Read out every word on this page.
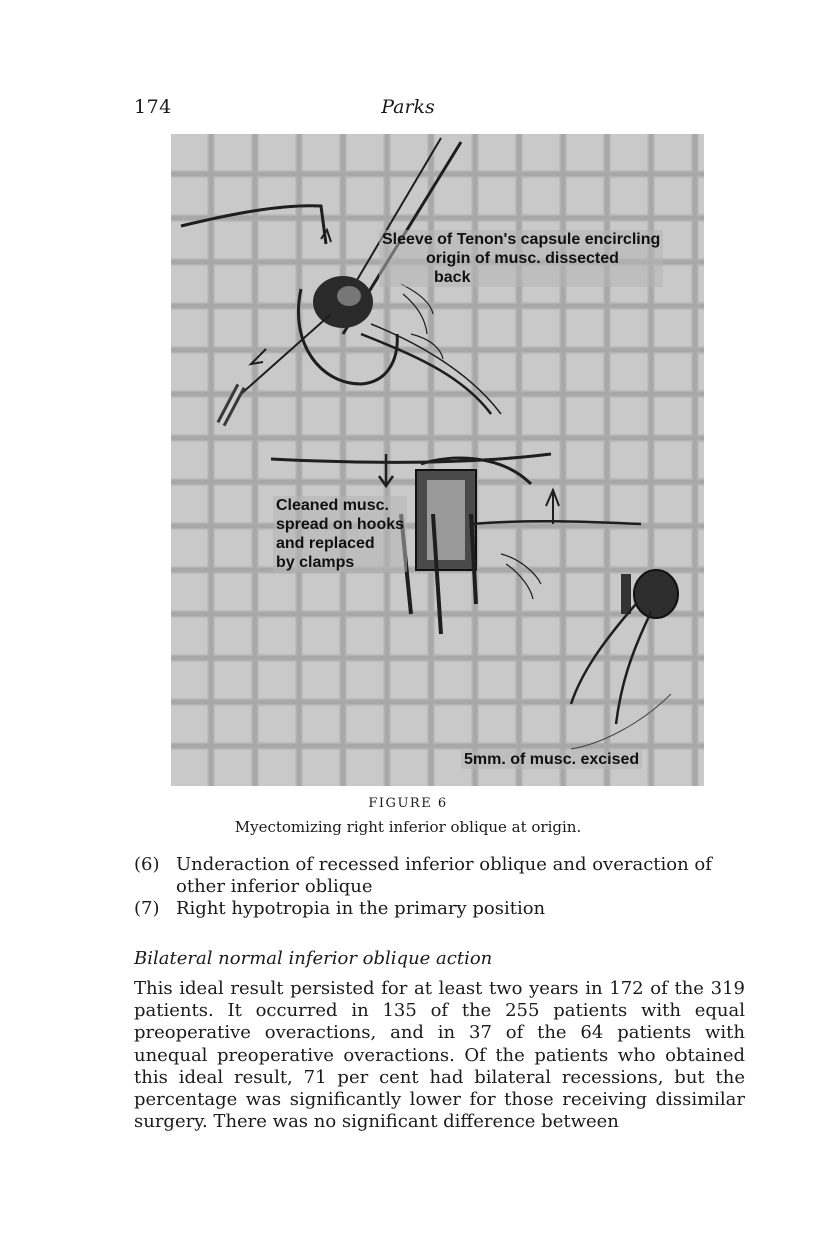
174	Parks
Sleeve of Tenon's capsule encircling
origin of musc. dissected
back
Cleaned musc.
spread on hooks
and replaced
by clamps
5mm. of musc. excised
FIGURE 6
Myectomizing right inferior oblique at origin.
(6) Underaction of recessed inferior oblique and overaction of other inferior oblique
(7) Right hypotropia in the primary position
Bilateral normal inferior oblique action
This ideal result persisted for at least two years in 172 of the 319 patients. It occurred in 135 of the 255 patients with equal preoperative overactions, and in 37 of the 64 patients with unequal preoperative overactions. Of the patients who obtained this ideal result, 71 per cent had bilateral recessions, but the percentage was significantly lower for those receiving dissimilar surgery. There was no significant difference between
